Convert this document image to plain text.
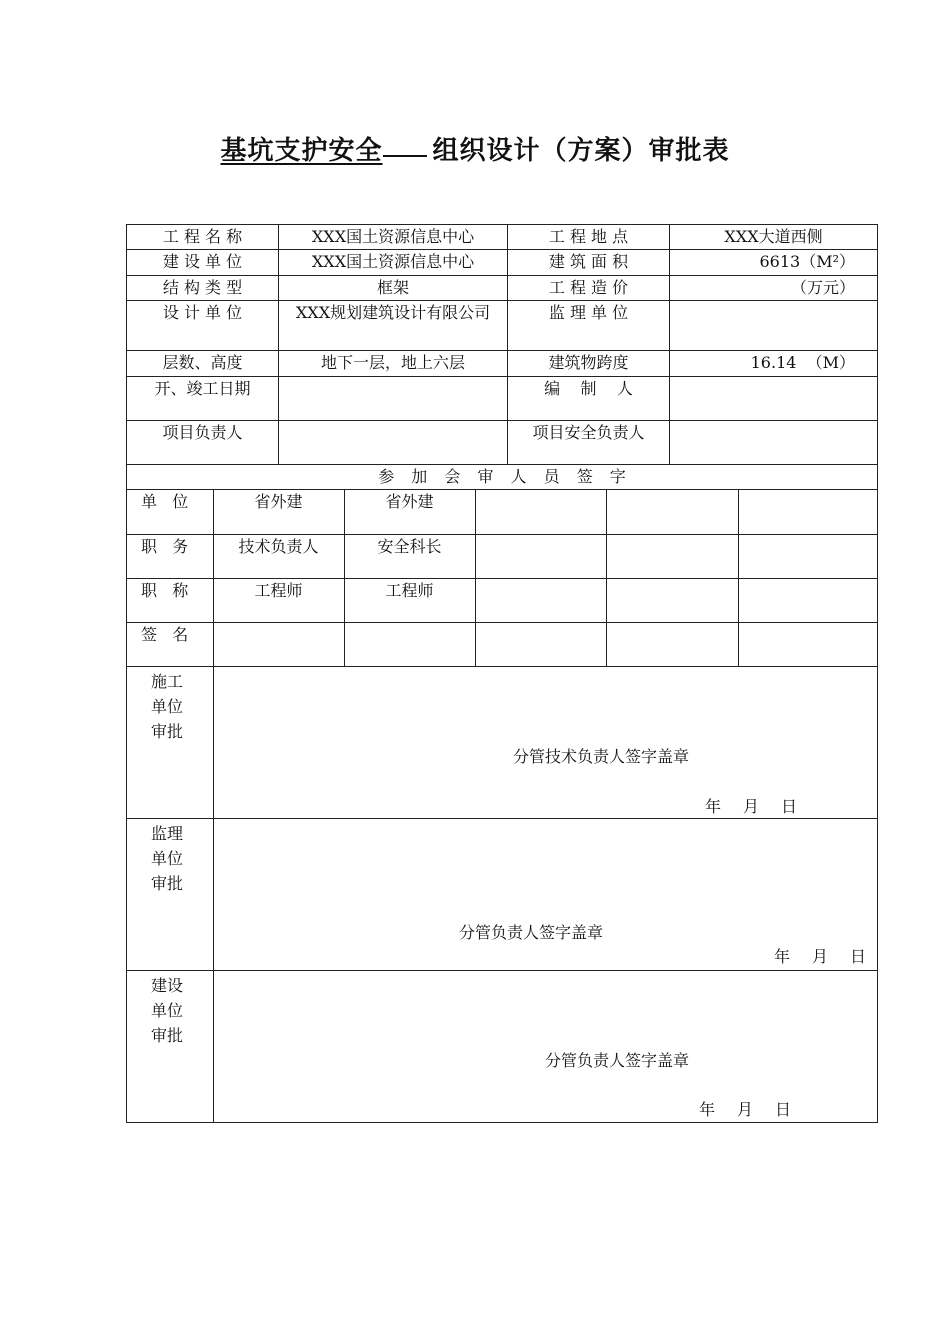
基坑支护安全 组织设计（方案）审批表
工 程 名 称	XXX国土资源信息中心	工 程 地 点	XXX大道西侧
建 设 单 位	XXX国土资源信息中心	建 筑 面 积	6613（M²）
结 构 类 型	框架	工 程 造 价	（万元）
设 计 单 位	XXX规划建筑设计有限公司	监 理 单 位	
层数、高度	地下一层，地上六层	建筑物跨度	16.14  （M）
开、竣工日期		编    制    人	
项目负责人		项目安全负责人	
参 加 会 审 人 员 签 字

单   位	省外建	省外建			
职   务	技术负责人	安全科长			
职   称	工程师	工程师			
签   名					

施工单位审批
分管技术负责人签字盖章
年 月 日

监理单位审批
分管负责人签字盖章
年 月 日

建设单位审批
分管负责人签字盖章
年 月 日
